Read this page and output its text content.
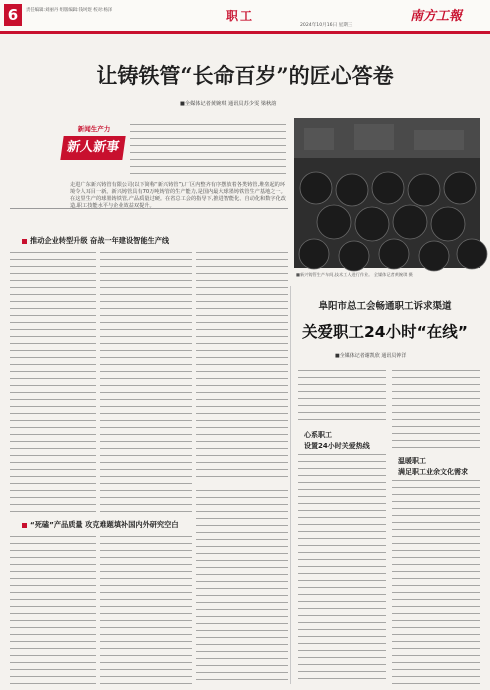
6	责任编辑:刘丽丹 组版编辑:钱坷煜 校对:杨泽	职工
2024年10月16日 星期三
南方工報
让铸铁管“长命百岁”的匠心答卷
■全媒体记者黄婉琪 通讯员苏少雯 梁秋韵
新闻生产力
新人新事
走进广东新兴铸管有限公司(以下简称“新兴铸管”),厂区内整齐有序摆放着各类铸管,堆垒起的环境令人耳目一新。新兴铸管具有70万吨铸管的生产能力,是国内最大球墨铸铁管生产基地之一。在这里生产的球墨铸铁管,产品质量过硬。在省总工会的指导下,推进智能化、自动化和数字化改造,职工技能水平与企业效益双提升。
■新兴铸管生产车间,技术工人进行作业。 全媒体记者黄婉琪 摄
推动企业转型升级 奋战一年建设智能生产线
“死磕”产品质量 攻克难题填补国内外研究空白
阜阳市总工会畅通职工诉求渠道
关爱职工24小时“在线”
■全媒体记者谢凯欣 通讯员钟洋
心系职工
设置24小时关爱热线
温暖职工
满足职工业余文化需求
